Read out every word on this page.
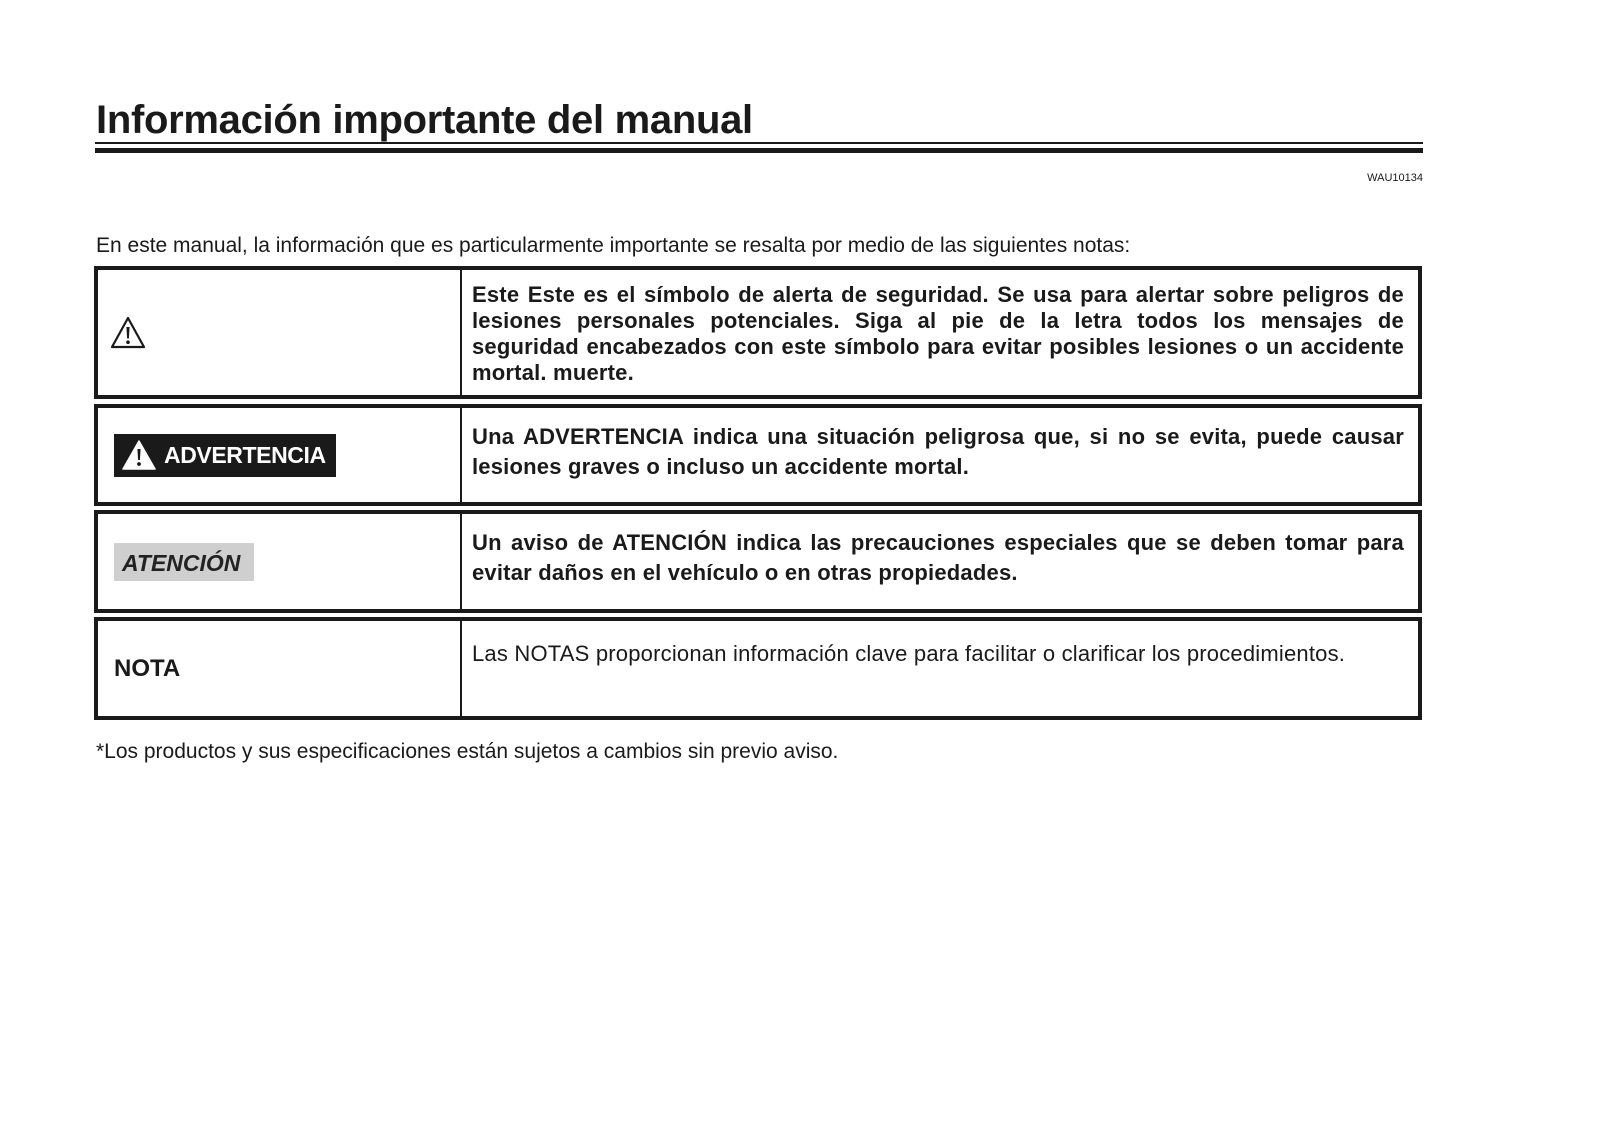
Información importante del manual
WAU10134
En este manual, la información que es particularmente importante se resalta por medio de las siguientes notas:

Este Este es el símbolo de alerta de seguridad. Se usa para alertar sobre peligros de lesiones personales potenciales. Siga al pie de la letra todos los mensajes de seguridad encabezados con este símbolo para evitar posibles lesiones o un accidente mortal. muerte.

ADVERTENCIA

Una ADVERTENCIA indica una situación peligrosa que, si no se evita, puede causar lesiones graves o incluso un accidente mortal.

ATENCIÓN

Un aviso de ATENCIÓN indica las precauciones especiales que se deben tomar para evitar daños en el vehículo o en otras propiedades.

NOTA

Las NOTAS proporcionan información clave para facilitar o clarificar los procedimientos.

*Los productos y sus especificaciones están sujetos a cambios sin previo aviso.
